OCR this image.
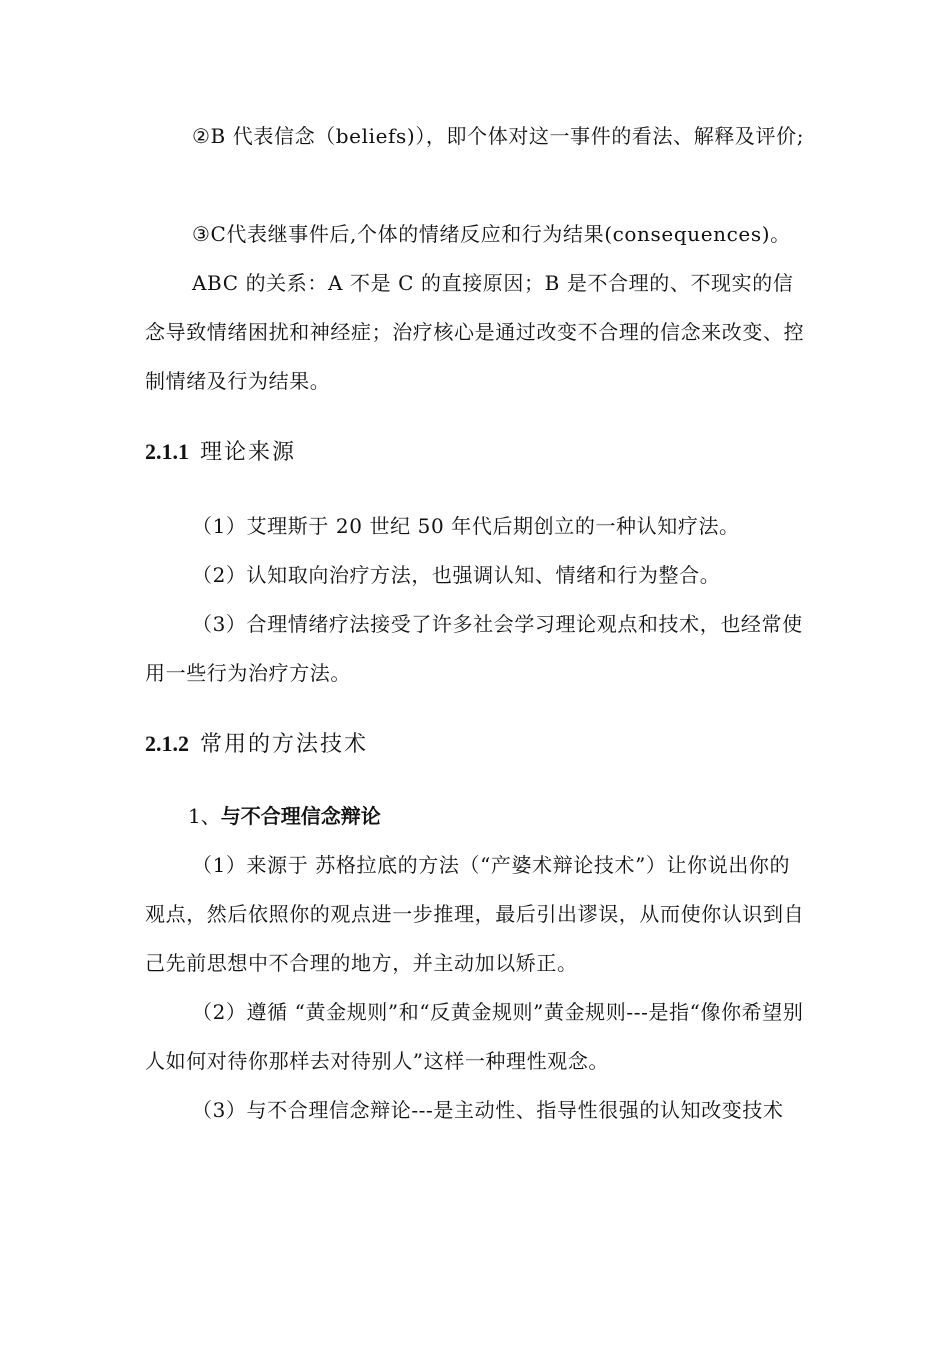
②B 代表信念（beliefs)），即个体对这一事件的看法、解释及评价;

③C代表继事件后,个体的情绪反应和行为结果(consequences)。

ABC 的关系：A 不是 C 的直接原因；B 是不合理的、不现实的信念导致情绪困扰和神经症；治疗核心是通过改变不合理的信念来改变、控制情绪及行为结果。

2.1.1 理论来源

（1）艾理斯于 20 世纪 50 年代后期创立的一种认知疗法。

（2）认知取向治疗方法，也强调认知、情绪和行为整合。

（3）合理情绪疗法接受了许多社会学习理论观点和技术，也经常使用一些行为治疗方法。

2.1.2 常用的方法技术
1、与不合理信念辩论

（1）来源于 苏格拉底的方法（“产婆术辩论技术”）让你说出你的观点，然后依照你的观点进一步推理，最后引出谬误，从而使你认识到自己先前思想中不合理的地方，并主动加以矫正。

（2）遵循 “黄金规则”和“反黄金规则”黄金规则---是指“像你希望别人如何对待你那样去对待别人”这样一种理性观念。

（3）与不合理信念辩论---是主动性、指导性很强的认知改变技术
